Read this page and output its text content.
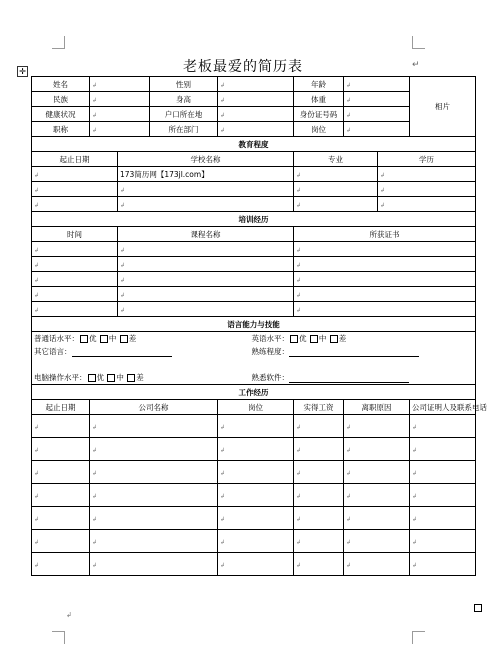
✛	老板最爱的简历表	↵
姓名	↲		性别	↲		年龄	↲		相片
民族	↲		身高	↲		体重	↲		
健康状况	↲		户口所在地	↲		身份证号码	↲		
职称	↲		所在部门	↲		岗位	↲		
教育程度									
起止日期		学校名称				专业		学历	
↲		173简历网【173jl.com】				↲		↲	
↲		↲				↲		↲	
↲		↲				↲		↲	
培训经历									
时间		课程名称				所获证书			
↲		↲				↲			
↲		↲				↲			
↲		↲				↲			
↲		↲				↲			
↲		↲				↲			
语言能力与技能									
普通话水平： 优 中 差					英语水平： 优 中 差				
其它语言：					熟练程度：				

电脑操作水平： 优 中 差					熟悉软件：				
工作经历									
起止日期	公司名称			岗位		实得工资	离职原因		公司证明人及联系电话
↲	↲			↲		↲	↲		↲
↲	↲			↲		↲	↲		↲
↲	↲			↲		↲	↲		↲
↲	↲			↲		↲	↲		↲
↲	↲			↲		↲	↲		↲
↲	↲			↲		↲	↲		↲
↲	↲			↲		↲	↲		↲
↲
